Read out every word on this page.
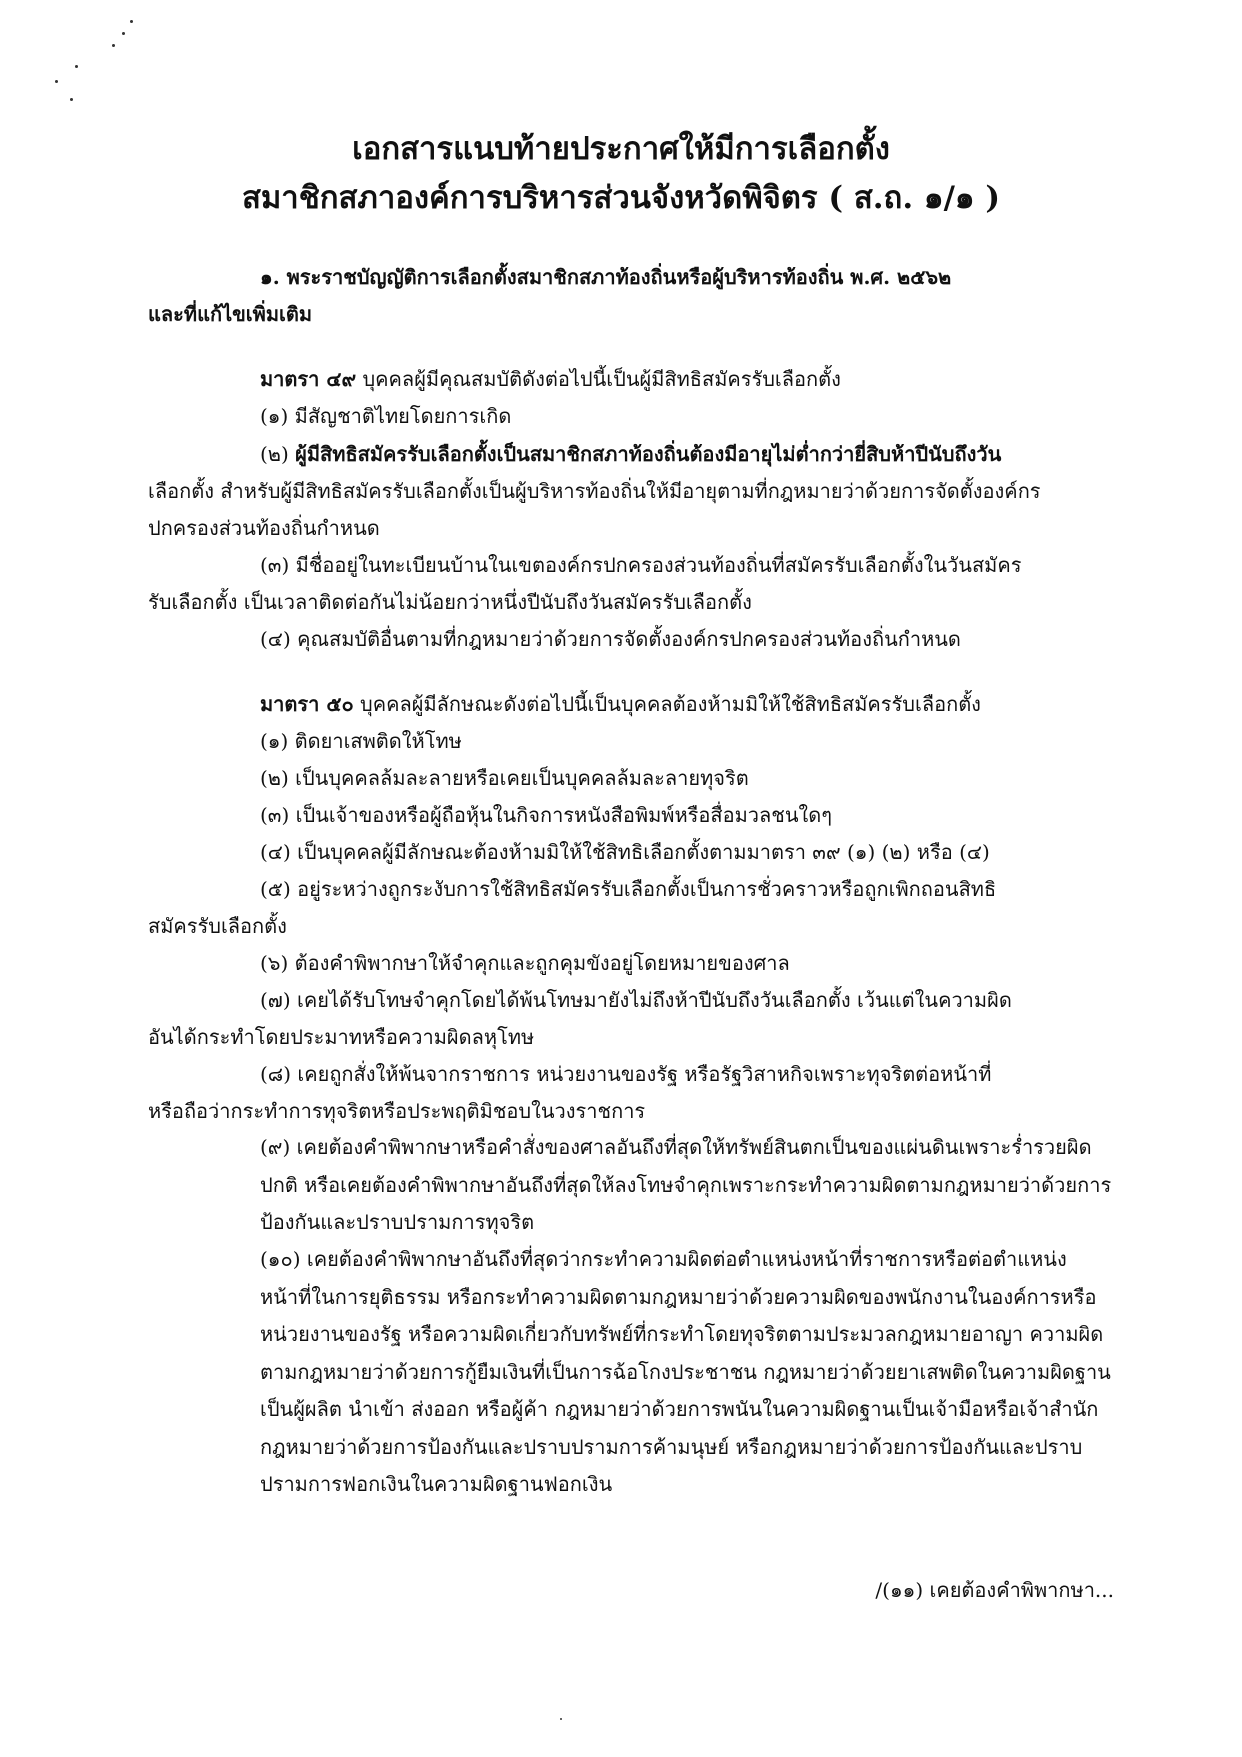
เอกสารแนบท้ายประกาศให้มีการเลือกตั้ง
สมาชิกสภาองค์การบริหารส่วนจังหวัดพิจิตร ( ส.ถ. ๑/๑ )
๑. พระราชบัญญัติการเลือกตั้งสมาชิกสภาท้องถิ่นหรือผู้บริหารท้องถิ่น พ.ศ. ๒๕๖๒
และที่แก้ไขเพิ่มเติม
มาตรา ๔๙ บุคคลผู้มีคุณสมบัติดังต่อไปนี้เป็นผู้มีสิทธิสมัครรับเลือกตั้ง
(๑) มีสัญชาติไทยโดยการเกิด
(๒) ผู้มีสิทธิสมัครรับเลือกตั้งเป็นสมาชิกสภาท้องถิ่นต้องมีอายุไม่ต่ำกว่ายี่สิบห้าปีนับถึงวัน
เลือกตั้ง สำหรับผู้มีสิทธิสมัครรับเลือกตั้งเป็นผู้บริหารท้องถิ่นให้มีอายุตามที่กฎหมายว่าด้วยการจัดตั้งองค์กร
ปกครองส่วนท้องถิ่นกำหนด
(๓) มีชื่ออยู่ในทะเบียนบ้านในเขตองค์กรปกครองส่วนท้องถิ่นที่สมัครรับเลือกตั้งในวันสมัคร
รับเลือกตั้ง เป็นเวลาติดต่อกันไม่น้อยกว่าหนึ่งปีนับถึงวันสมัครรับเลือกตั้ง
(๔) คุณสมบัติอื่นตามที่กฎหมายว่าด้วยการจัดตั้งองค์กรปกครองส่วนท้องถิ่นกำหนด
มาตรา ๕๐ บุคคลผู้มีลักษณะดังต่อไปนี้เป็นบุคคลต้องห้ามมิให้ใช้สิทธิสมัครรับเลือกตั้ง
(๑) ติดยาเสพติดให้โทษ
(๒) เป็นบุคคลล้มละลายหรือเคยเป็นบุคคลล้มละลายทุจริต
(๓) เป็นเจ้าของหรือผู้ถือหุ้นในกิจการหนังสือพิมพ์หรือสื่อมวลชนใดๆ
(๔) เป็นบุคคลผู้มีลักษณะต้องห้ามมิให้ใช้สิทธิเลือกตั้งตามมาตรา ๓๙ (๑) (๒) หรือ (๔)
(๕) อยู่ระหว่างถูกระงับการใช้สิทธิสมัครรับเลือกตั้งเป็นการชั่วคราวหรือถูกเพิกถอนสิทธิ
สมัครรับเลือกตั้ง
(๖) ต้องคำพิพากษาให้จำคุกและถูกคุมขังอยู่โดยหมายของศาล
(๗) เคยได้รับโทษจำคุกโดยได้พ้นโทษมายังไม่ถึงห้าปีนับถึงวันเลือกตั้ง เว้นแต่ในความผิด
อันได้กระทำโดยประมาทหรือความผิดลหุโทษ
(๘) เคยถูกสั่งให้พ้นจากราชการ หน่วยงานของรัฐ หรือรัฐวิสาหกิจเพราะทุจริตต่อหน้าที่
หรือถือว่ากระทำการทุจริตหรือประพฤติมิชอบในวงราชการ
(๙) เคยต้องคำพิพากษาหรือคำสั่งของศาลอันถึงที่สุดให้ทรัพย์สินตกเป็นของแผ่นดินเพราะร่ำรวยผิดปกติ หรือเคยต้องคำพิพากษาอันถึงที่สุดให้ลงโทษจำคุกเพราะกระทำความผิดตามกฎหมายว่าด้วยการป้องกันและปราบปรามการทุจริต
(๑๐) เคยต้องคำพิพากษาอันถึงที่สุดว่ากระทำความผิดต่อตำแหน่งหน้าที่ราชการหรือต่อตำแหน่งหน้าที่ในการยุติธรรม หรือกระทำความผิดตามกฎหมายว่าด้วยความผิดของพนักงานในองค์การหรือหน่วยงานของรัฐ หรือความผิดเกี่ยวกับทรัพย์ที่กระทำโดยทุจริตตามประมวลกฎหมายอาญา ความผิดตามกฎหมายว่าด้วยการกู้ยืมเงินที่เป็นการฉ้อโกงประชาชน กฎหมายว่าด้วยยาเสพติดในความผิดฐานเป็นผู้ผลิต นำเข้า ส่งออก หรือผู้ค้า กฎหมายว่าด้วยการพนันในความผิดฐานเป็นเจ้ามือหรือเจ้าสำนักกฎหมายว่าด้วยการป้องกันและปราบปรามการค้ามนุษย์ หรือกฎหมายว่าด้วยการป้องกันและปราบปรามการฟอกเงินในความผิดฐานฟอกเงิน
/(๑๑) เคยต้องคำพิพากษา...
